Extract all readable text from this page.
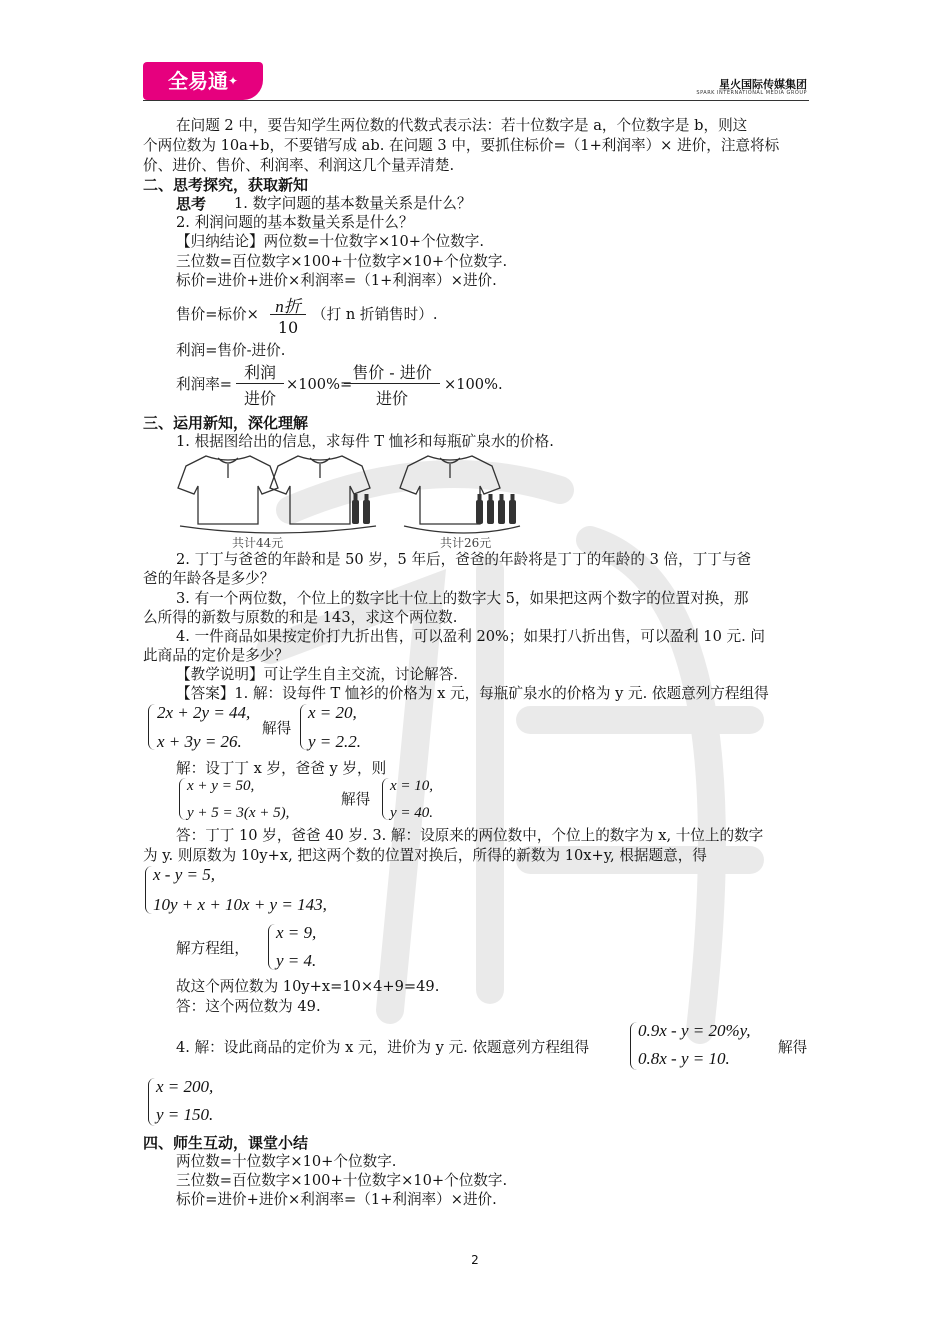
全易通✦	星火国际传媒集团
SPARK INTERNATIONAL MEDIA GROUP
在问题 2 中，要告知学生两位数的代数式表示法：若十位数字是 a，个位数字是 b，则这
个两位数为 10a+b，不要错写成 ab. 在问题 3 中，要抓住标价=（1+利润率）× 进价，注意将标
价、进价、售价、利润率、利润这几个量弄清楚.
二、思考探究，获取新知
思考 1. 数字问题的基本数量关系是什么？
2. 利润问题的基本数量关系是什么？
【归纳结论】两位数=十位数字×10+个位数字.
三位数=百位数字×100+十位数字×10+个位数字.
标价=进价+进价×利润率=（1+利润率）×进价.
售价=标价× n折
10
（打 n 折销售时）.
利润=售价-进价.
利润率=
利润
进价
×100%=
售价 - 进价
进价
×100%.
三、运用新知，深化理解
1. 根据图给出的信息，求每件 T 恤衫和每瓶矿泉水的价格.
共计44元	共计26元
2. 丁丁与爸爸的年龄和是 50 岁，5 年后，爸爸的年龄将是丁丁的年龄的 3 倍，丁丁与爸
爸的年龄各是多少？
3. 有一个两位数，个位上的数字比十位上的数字大 5，如果把这两个数字的位置对换，那
么所得的新数与原数的和是 143，求这个两位数.
4. 一件商品如果按定价打九折出售，可以盈利 20%；如果打八折出售，可以盈利 10 元. 问
此商品的定价是多少？
【教学说明】可让学生自主交流，讨论解答.
【答案】1. 解：设每件 T 恤衫的价格为 x 元，每瓶矿泉水的价格为 y 元. 依题意列方程组得
2x + 2y = 44,
x + 3y = 26.
解得
x = 20,
y = 2.2.
解：设丁丁 x 岁，爸爸 y 岁，则
x + y = 50,
y + 5 = 3(x + 5),
解得
x = 10,
y = 40.
答：丁丁 10 岁，爸爸 40 岁. 3. 解：设原来的两位数中，个位上的数字为 x, 十位上的数字
为 y. 则原数为 10y+x, 把这两个数的位置对换后，所得的新数为 10x+y, 根据题意，得
x - y = 5,
10y + x + 10x + y = 143,
解方程组，
x = 9,
y = 4.
故这个两位数为 10y+x=10×4+9=49.
答：这个两位数为 49.
4. 解：设此商品的定价为 x 元，进价为 y 元. 依题意列方程组得
0.9x - y = 20%y,
0.8x - y = 10.
解得
x = 200,
y = 150.
四、师生互动，课堂小结
两位数=十位数字×10+个位数字.
三位数=百位数字×100+十位数字×10+个位数字.
标价=进价+进价×利润率=（1+利润率）×进价.
2
